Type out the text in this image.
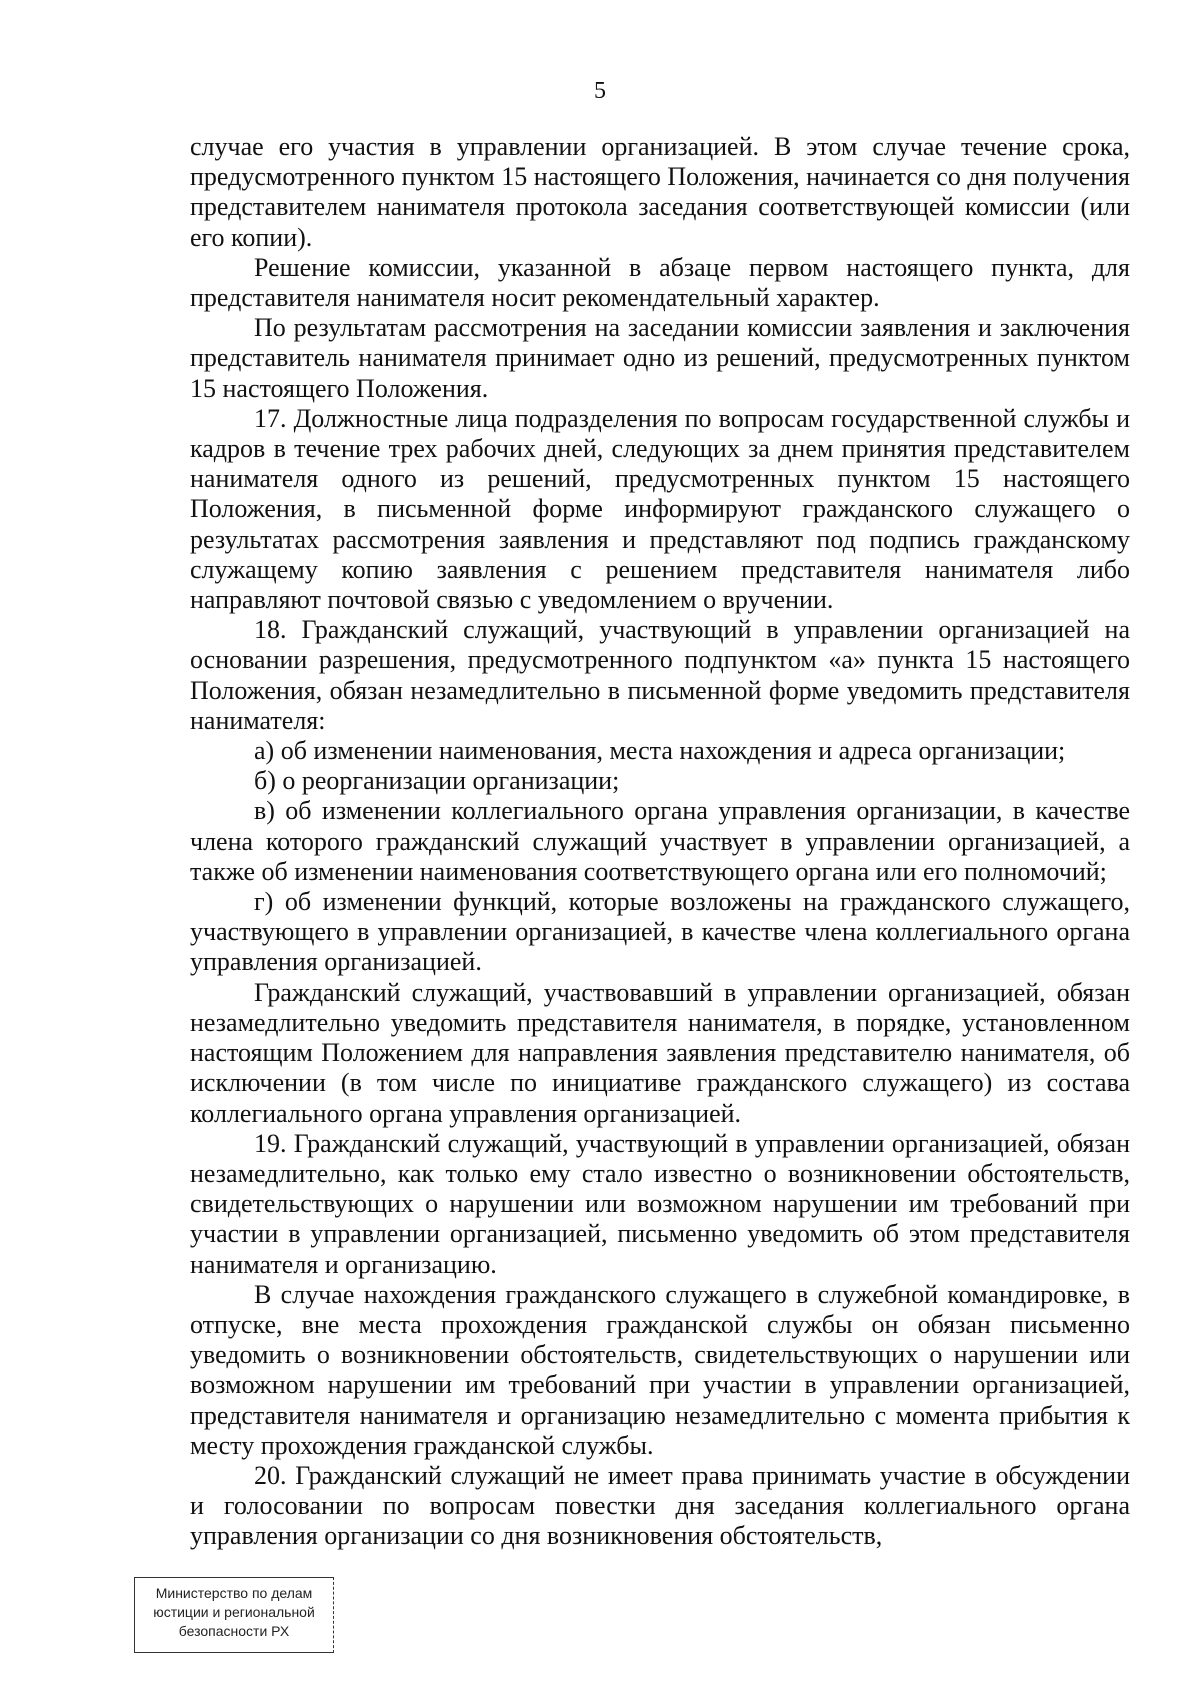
5

случае его участия в управлении организацией. В этом случае течение срока, предусмотренного пунктом 15 настоящего Положения, начинается со дня получения представителем нанимателя протокола заседания соответствующей комиссии (или его копии).

Решение комиссии, указанной в абзаце первом настоящего пункта, для представителя нанимателя носит рекомендательный характер.

По результатам рассмотрения на заседании комиссии заявления и заключения представитель нанимателя принимает одно из решений, предусмотренных пунктом 15 настоящего Положения.

17. Должностные лица подразделения по вопросам государственной службы и кадров в течение трех рабочих дней, следующих за днем принятия представителем нанимателя одного из решений, предусмотренных пунктом 15 настоящего Положения, в письменной форме информируют гражданского служащего о результатах рассмотрения заявления и представляют под подпись гражданскому служащему копию заявления с решением представителя нанимателя либо направляют почтовой связью с уведомлением о вручении.

18. Гражданский служащий, участвующий в управлении организацией на основании разрешения, предусмотренного подпунктом «а» пункта 15 настоящего Положения, обязан незамедлительно в письменной форме уведомить представителя нанимателя:

а) об изменении наименования, места нахождения и адреса организации;

б) о реорганизации организации;

в) об изменении коллегиального органа управления организации, в качестве члена которого гражданский служащий участвует в управлении организацией, а также об изменении наименования соответствующего органа или его полномочий;

г) об изменении функций, которые возложены на гражданского служащего, участвующего в управлении организацией, в качестве члена коллегиального органа управления организацией.

Гражданский служащий, участвовавший в управлении организацией, обязан незамедлительно уведомить представителя нанимателя, в порядке, установленном настоящим Положением для направления заявления представителю нанимателя, об исключении (в том числе по инициативе гражданского служащего) из состава коллегиального органа управления организацией.

19. Гражданский служащий, участвующий в управлении организацией, обязан незамедлительно, как только ему стало известно о возникновении обстоятельств, свидетельствующих о нарушении или возможном нарушении им требований при участии в управлении организацией, письменно уведомить об этом представителя нанимателя и организацию.

В случае нахождения гражданского служащего в служебной командировке, в отпуске, вне места прохождения гражданской службы он обязан письменно уведомить о возникновении обстоятельств, свидетельствующих о нарушении или возможном нарушении им требований при участии в управлении организацией, представителя нанимателя и организацию незамедлительно с момента прибытия к месту прохождения гражданской службы.

20. Гражданский служащий не имеет права принимать участие в обсуждении и голосовании по вопросам повестки дня заседания коллегиального органа управления организации со дня возникновения обстоятельств,

Министерство по делам
юстиции и региональной
безопасности РХ
